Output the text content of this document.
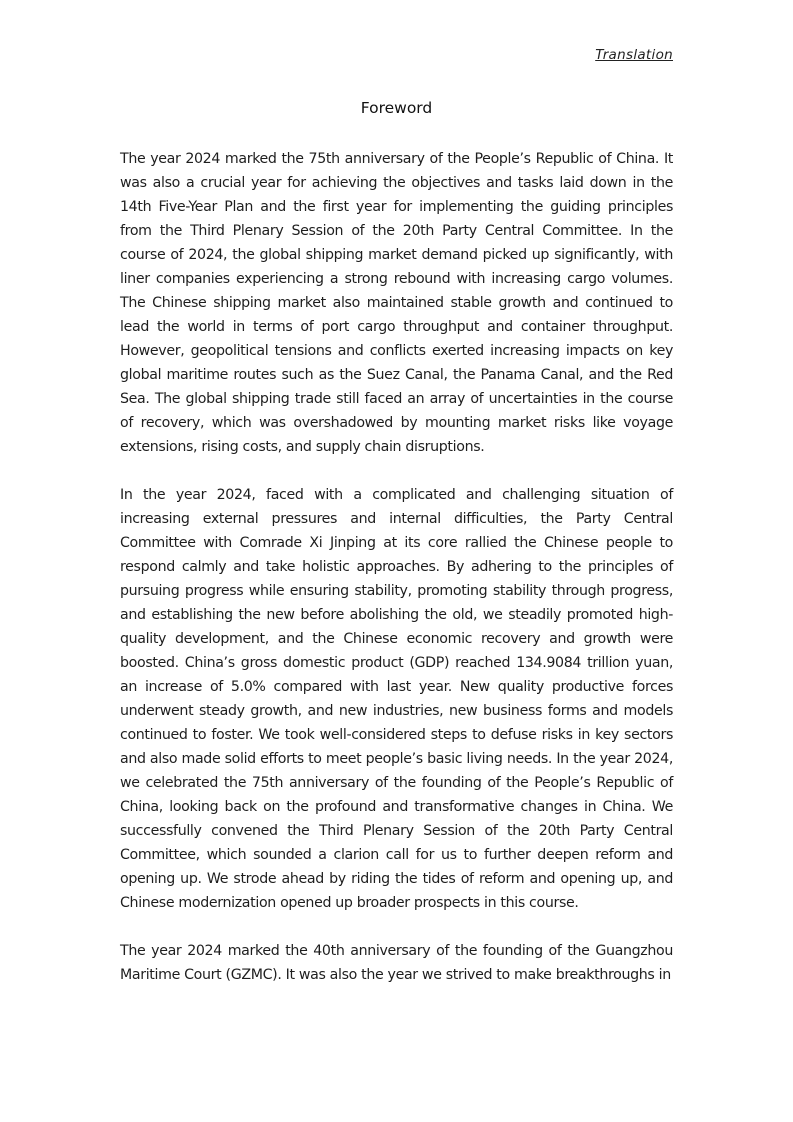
Translation
Foreword

The year 2024 marked the 75th anniversary of the People’s Republic of China. It was also a crucial year for achieving the objectives and tasks laid down in the 14th Five-Year Plan and the first year for implementing the guiding principles from the Third Plenary Session of the 20th Party Central Committee. In the course of 2024, the global shipping market demand picked up significantly, with liner companies experiencing a strong rebound with increasing cargo volumes. The Chinese shipping market also maintained stable growth and continued to lead the world in terms of port cargo throughput and container throughput. However, geopolitical tensions and conflicts exerted increasing impacts on key global maritime routes such as the Suez Canal, the Panama Canal, and the Red Sea. The global shipping trade still faced an array of uncertainties in the course of recovery, which was overshadowed by mounting market risks like voyage extensions, rising costs, and supply chain disruptions.

In the year 2024, faced with a complicated and challenging situation of increasing external pressures and internal difficulties, the Party Central Committee with Comrade Xi Jinping at its core rallied the Chinese people to respond calmly and take holistic approaches. By adhering to the principles of pursuing progress while ensuring stability, promoting stability through progress, and establishing the new before abolishing the old, we steadily promoted high-quality development, and the Chinese economic recovery and growth were boosted. China’s gross domestic product (GDP) reached 134.9084 trillion yuan, an increase of 5.0% compared with last year. New quality productive forces underwent steady growth, and new industries, new business forms and models continued to foster. We took well-considered steps to defuse risks in key sectors and also made solid efforts to meet people’s basic living needs. In the year 2024, we celebrated the 75th anniversary of the founding of the People’s Republic of China, looking back on the profound and transformative changes in China. We successfully convened the Third Plenary Session of the 20th Party Central Committee, which sounded a clarion call for us to further deepen reform and opening up. We strode ahead by riding the tides of reform and opening up, and Chinese modernization opened up broader prospects in this course.

The year 2024 marked the 40th anniversary of the founding of the Guangzhou Maritime Court (GZMC). It was also the year we strived to make breakthroughs in
